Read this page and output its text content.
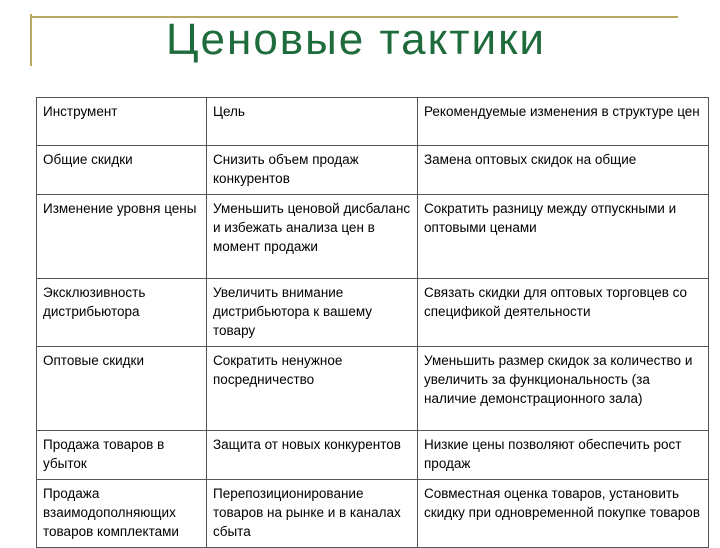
Ценовые тактики
Инструмент	Цель	Рекомендуемые изменения в структуре цен
Общие скидки	Снизить объем продаж конкурентов	Замена оптовых скидок на общие
Изменение уровня цены	Уменьшить ценовой дисбаланс и избежать анализа цен в момент продажи	Сократить разницу между отпускными и оптовыми ценами
Эксклюзивность дистрибьютора	Увеличить внимание дистрибьютора к вашему товару	Связать скидки для оптовых торговцев со спецификой деятельности
Оптовые скидки	Сократить ненужное посредничество	Уменьшить размер скидок за количество и увеличить за функциональность (за наличие демонстрационного зала)
Продажа товаров в убыток	Защита от новых конкурентов	Низкие цены позволяют обеспечить рост продаж
Продажа взаимодополняющих товаров комплектами	Перепозиционирование товаров на рынке и в каналах сбыта	Совместная оценка товаров, установить скидку при одновременной покупке товаров
